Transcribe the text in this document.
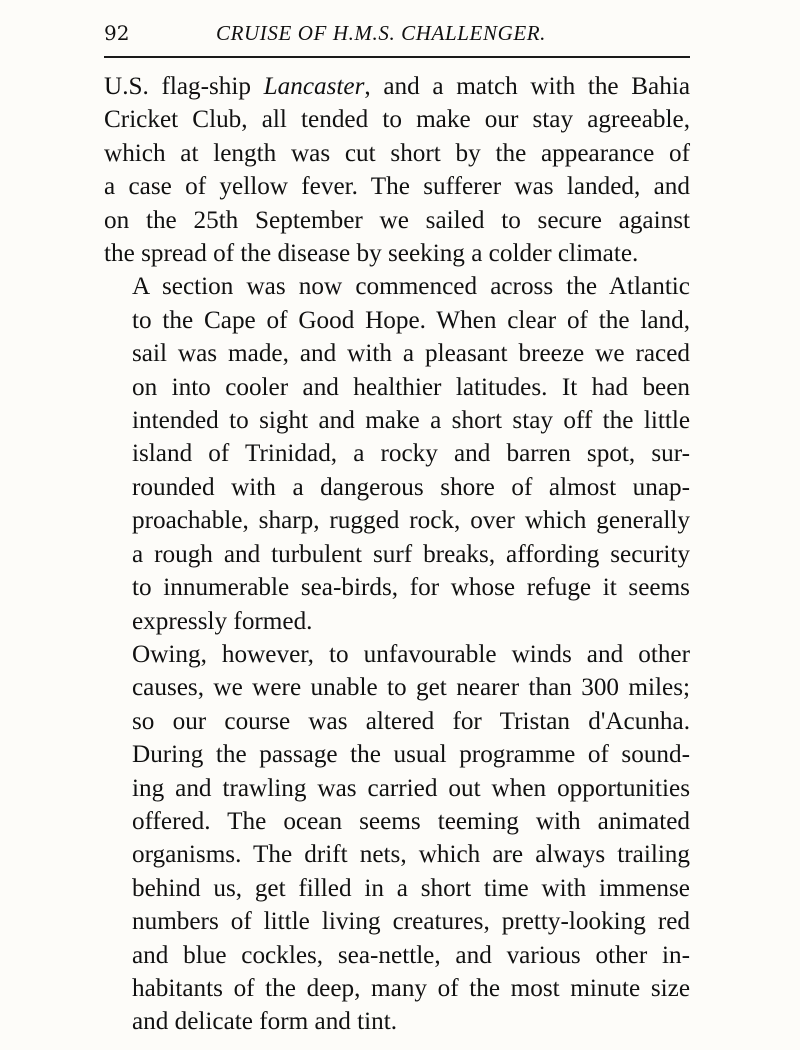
92	CRUISE OF H.M.S. CHALLENGER.

U.S. flag-ship Lancaster, and a match with the Bahia
Cricket Club, all tended to make our stay agreeable,
which at length was cut short by the appearance of
a case of yellow fever. The sufferer was landed, and
on the 25th September we sailed to secure against
the spread of the disease by seeking a colder climate.

A section was now commenced across the Atlantic
to the Cape of Good Hope. When clear of the land,
sail was made, and with a pleasant breeze we raced
on into cooler and healthier latitudes. It had been
intended to sight and make a short stay off the little
island of Trinidad, a rocky and barren spot, sur-
rounded with a dangerous shore of almost unap-
proachable, sharp, rugged rock, over which generally
a rough and turbulent surf breaks, affording security
to innumerable sea-birds, for whose refuge it seems
expressly formed.

Owing, however, to unfavourable winds and other
causes, we were unable to get nearer than 300 miles;
so our course was altered for Tristan d'Acunha.
During the passage the usual programme of sound-
ing and trawling was carried out when opportunities
offered. The ocean seems teeming with animated
organisms. The drift nets, which are always trailing
behind us, get filled in a short time with immense
numbers of little living creatures, pretty-looking red
and blue cockles, sea-nettle, and various other in-
habitants of the deep, many of the most minute size
and delicate form and tint.
